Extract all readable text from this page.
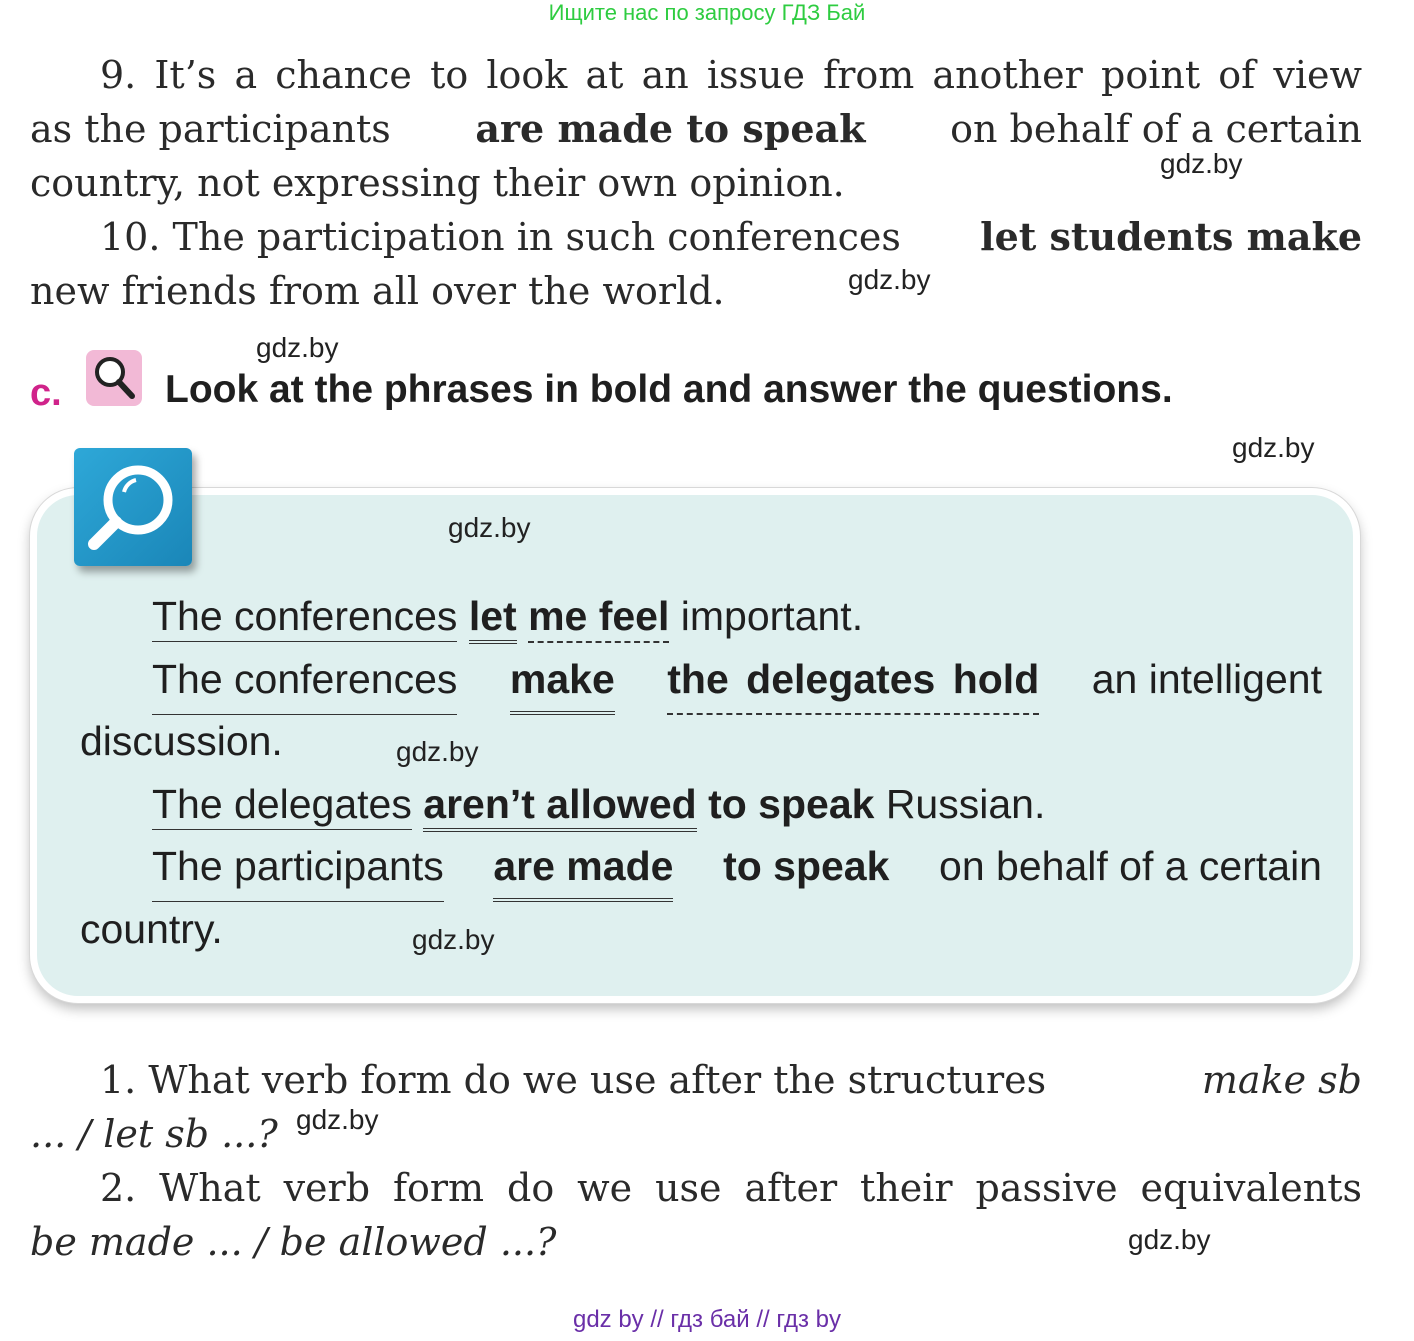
Ищите нас по запросу ГДЗ Бай
9. It’s a chance to look at an issue from another point of view
as the participants are made to speak on behalf of a certain
country, not expressing their own opinion.
10. The participation in such conferences let students make
new friends from all over the world.
c.	Look at the phrases in bold and answer the questions.
The conferences let me feel important.
The conferences make the delegates hold an intelligent
discussion.
The delegates aren’t allowed to speak Russian.
The participants are made to speak on behalf of a certain
country.
1. What verb form do we use after the structures	make sb
... / let sb ...?
2. What verb form do we use after their passive equivalents
be made ... / be allowed ...?
gdz.by
gdz.by
gdz.by
gdz.by
gdz.by
gdz.by
gdz.by
gdz.by
gdz.by
gdz by // гдз бай // гдз by
